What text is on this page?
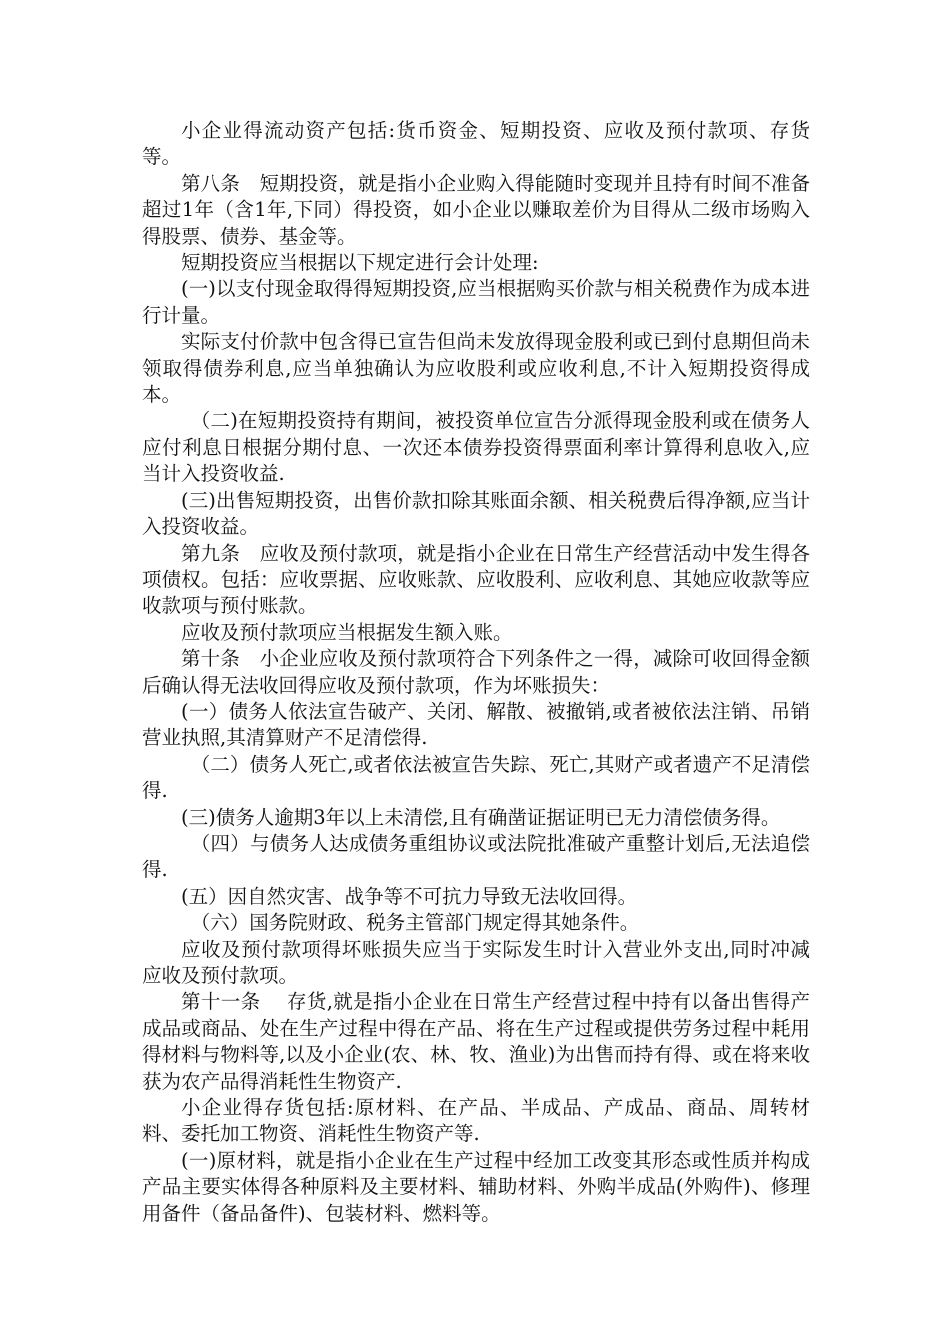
小企业得流动资产包括:货币资金、短期投资、应收及预付款项、存货等。

第八条　短期投资，就是指小企业购入得能随时变现并且持有时间不准备超过1年（含1年,下同）得投资，如小企业以赚取差价为目得从二级市场购入得股票、债券、基金等。

短期投资应当根据以下规定进行会计处理:

(一)以支付现金取得得短期投资,应当根据购买价款与相关税费作为成本进行计量。

实际支付价款中包含得已宣告但尚未发放得现金股利或已到付息期但尚未领取得债券利息,应当单独确认为应收股利或应收利息,不计入短期投资得成本。

（二)在短期投资持有期间，被投资单位宣告分派得现金股利或在债务人应付利息日根据分期付息、一次还本债券投资得票面利率计算得利息收入,应当计入投资收益.

(三)出售短期投资，出售价款扣除其账面余额、相关税费后得净额,应当计入投资收益。

第九条　应收及预付款项，就是指小企业在日常生产经营活动中发生得各项债权。包括：应收票据、应收账款、应收股利、应收利息、其她应收款等应收款项与预付账款。

应收及预付款项应当根据发生额入账。

第十条　小企业应收及预付款项符合下列条件之一得，减除可收回得金额后确认得无法收回得应收及预付款项，作为坏账损失：

(一）债务人依法宣告破产、关闭、解散、被撤销,或者被依法注销、吊销营业执照,其清算财产不足清偿得.

（二）债务人死亡,或者依法被宣告失踪、死亡,其财产或者遗产不足清偿得.

(三)债务人逾期3年以上未清偿,且有确凿证据证明已无力清偿债务得。

（四）与债务人达成债务重组协议或法院批准破产重整计划后,无法追偿得.

(五）因自然灾害、战争等不可抗力导致无法收回得。

（六）国务院财政、税务主管部门规定得其她条件。

应收及预付款项得坏账损失应当于实际发生时计入营业外支出,同时冲减应收及预付款项。

第十一条　 存货,就是指小企业在日常生产经营过程中持有以备出售得产成品或商品、处在生产过程中得在产品、将在生产过程或提供劳务过程中耗用得材料与物料等,以及小企业(农、林、牧、渔业)为出售而持有得、或在将来收获为农产品得消耗性生物资产.

小企业得存货包括:原材料、在产品、半成品、产成品、商品、周转材料、委托加工物资、消耗性生物资产等.

(一)原材料，就是指小企业在生产过程中经加工改变其形态或性质并构成产品主要实体得各种原料及主要材料、辅助材料、外购半成品(外购件)、修理用备件（备品备件)、包装材料、燃料等。
